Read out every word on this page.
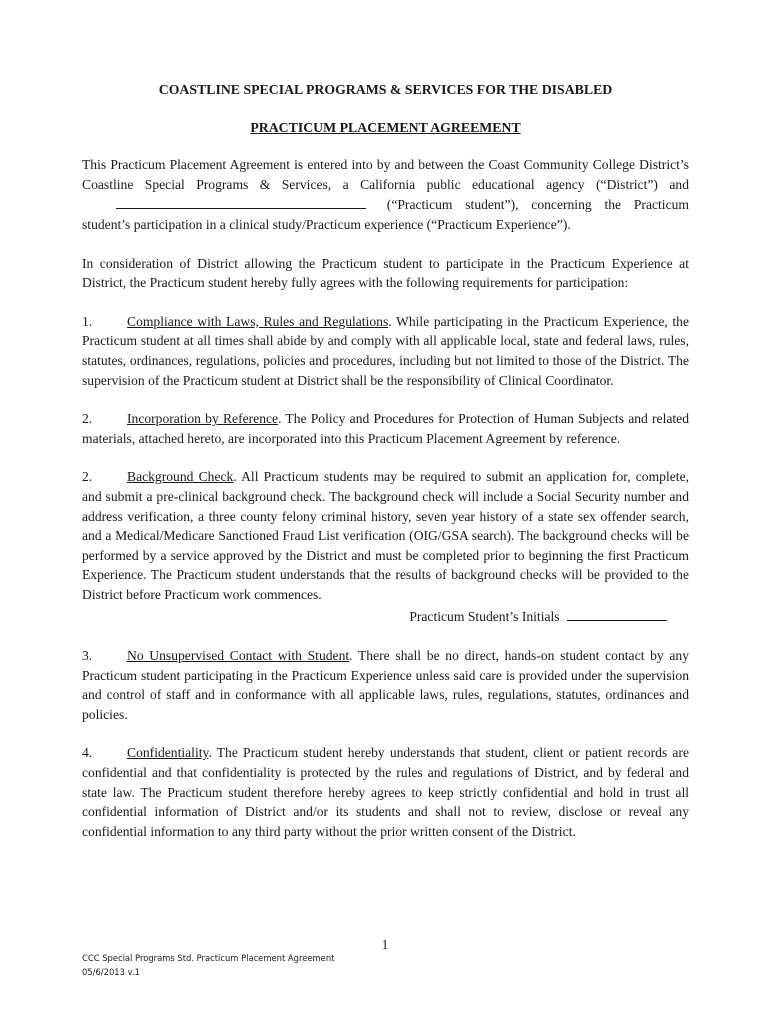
COASTLINE SPECIAL PROGRAMS & SERVICES FOR THE DISABLED

PRACTICUM PLACEMENT AGREEMENT

This Practicum Placement Agreement is entered into by and between the Coast Community College District’s Coastline Special Programs & Services, a California public educational agency (“District”) and  (“Practicum student”), concerning the Practicum student’s participation in a clinical study/Practicum experience (“Practicum Experience”).

In consideration of District allowing the Practicum student to participate in the Practicum Experience at District, the Practicum student hereby fully agrees with the following requirements for participation:

1.	Compliance with Laws, Rules and Regulations. While participating in the Practicum Experience, the Practicum student at all times shall abide by and comply with all applicable local, state and federal laws, rules, statutes, ordinances, regulations, policies and procedures, including but not limited to those of the District. The supervision of the Practicum student at District shall be the responsibility of Clinical Coordinator.

2.	Incorporation by Reference. The Policy and Procedures for Protection of Human Subjects and related materials, attached hereto, are incorporated into this Practicum Placement Agreement by reference.

2.	Background Check. All Practicum students may be required to submit an application for, complete, and submit a pre-clinical background check. The background check will include a Social Security number and address verification, a three county felony criminal history, seven year history of a state sex offender search, and a Medical/Medicare Sanctioned Fraud List verification (OIG/GSA search). The background checks will be performed by a service approved by the District and must be completed prior to beginning the first Practicum Experience. The Practicum student understands that the results of background checks will be provided to the District before Practicum work commences.

Practicum Student’s Initials

3.	No Unsupervised Contact with Student. There shall be no direct, hands-on student contact by any Practicum student participating in the Practicum Experience unless said care is provided under the supervision and control of staff and in conformance with all applicable laws, rules, regulations, statutes, ordinances and policies.

4.	Confidentiality. The Practicum student hereby understands that student, client or patient records are confidential and that confidentiality is protected by the rules and regulations of District, and by federal and state law. The Practicum student therefore hereby agrees to keep strictly confidential and hold in trust all confidential information of District and/or its students and shall not to review, disclose or reveal any confidential information to any third party without the prior written consent of the District.

1
CCC Special Programs Std. Practicum Placement Agreement
05/6/2013 v.1
